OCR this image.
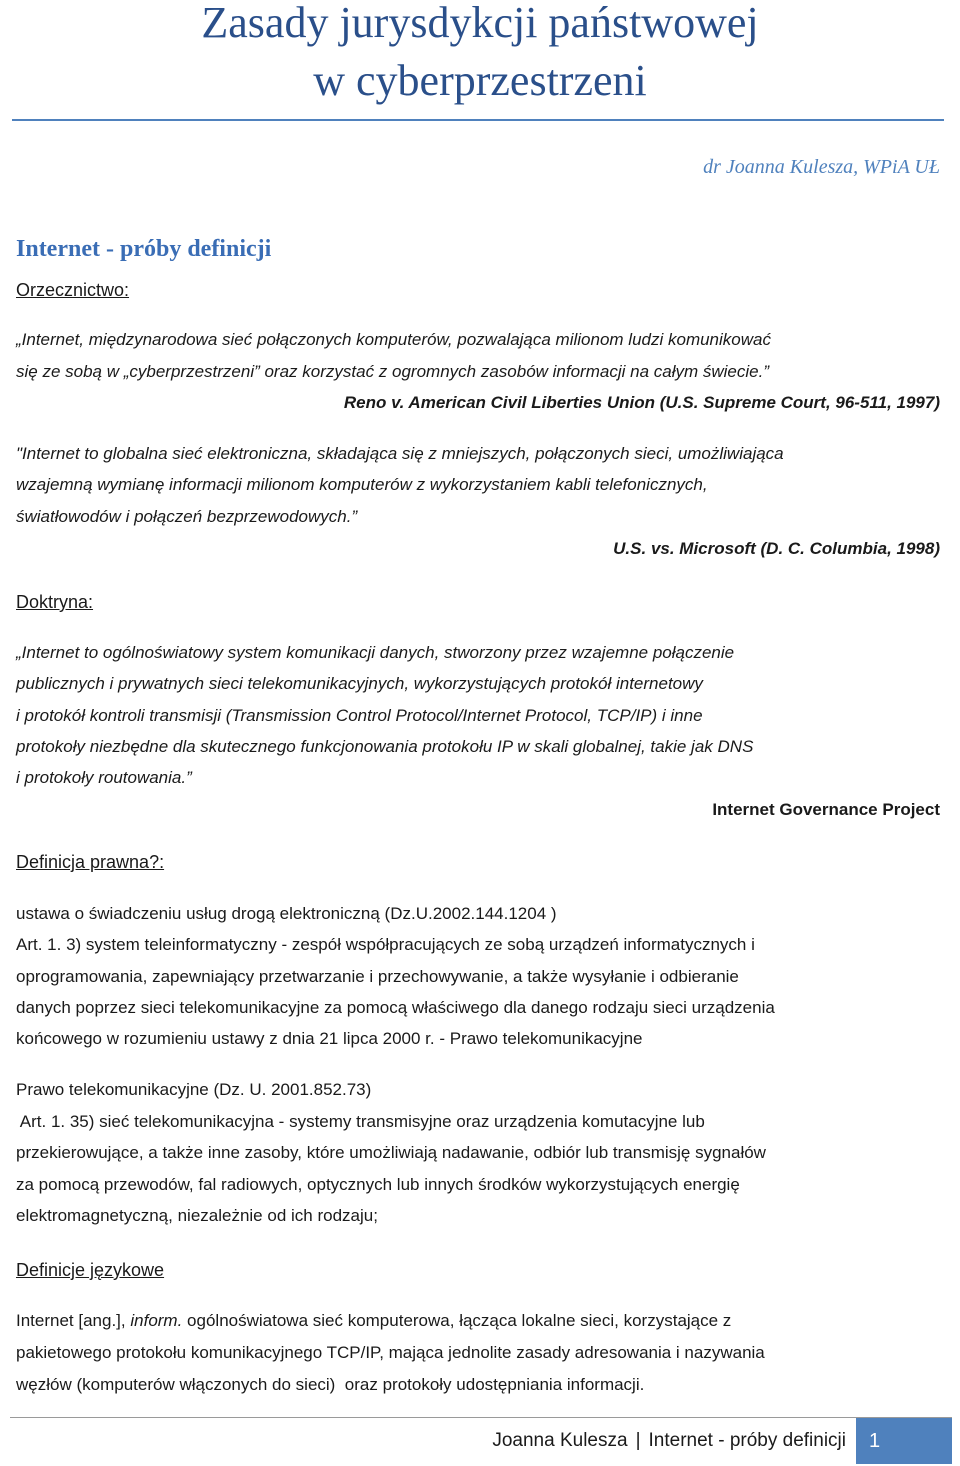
Zasady jurysdykcji państwowej
w cyberprzestrzeni
dr Joanna Kulesza, WPiA UŁ
Internet - próby definicji
Orzecznictwo:
„Internet, międzynarodowa sieć połączonych komputerów, pozwalająca milionom ludzi komunikować
się ze sobą w „cyberprzestrzeni” oraz korzystać z ogromnych zasobów informacji na całym świecie.”
Reno v. American Civil Liberties Union (U.S. Supreme Court, 96-511, 1997)
"Internet to globalna sieć elektroniczna, składająca się z mniejszych, połączonych sieci, umożliwiająca
wzajemną wymianę informacji milionom komputerów z wykorzystaniem kabli telefonicznych,
światłowodów i połączeń bezprzewodowych.”
U.S. vs. Microsoft (D. C. Columbia, 1998)
Doktryna:
„Internet to ogólnoświatowy system komunikacji danych, stworzony przez wzajemne połączenie
publicznych i prywatnych sieci telekomunikacyjnych, wykorzystujących protokół internetowy
i protokół kontroli transmisji (Transmission Control Protocol/Internet Protocol, TCP/IP) i inne
protokoły niezbędne dla skutecznego funkcjonowania protokołu IP w skali globalnej, takie jak DNS
i protokoły routowania.”
Internet Governance Project
Definicja prawna?:
ustawa o świadczeniu usług drogą elektroniczną (Dz.U.2002.144.1204 )
Art. 1. 3) system teleinformatyczny - zespół współpracujących ze sobą urządzeń informatycznych i
oprogramowania, zapewniający przetwarzanie i przechowywanie, a także wysyłanie i odbieranie
danych poprzez sieci telekomunikacyjne za pomocą właściwego dla danego rodzaju sieci urządzenia
końcowego w rozumieniu ustawy z dnia 21 lipca 2000 r. - Prawo telekomunikacyjne
Prawo telekomunikacyjne (Dz. U. 2001.852.73)
Art. 1. 35) sieć telekomunikacyjna - systemy transmisyjne oraz urządzenia komutacyjne lub
przekierowujące, a także inne zasoby, które umożliwiają nadawanie, odbiór lub transmisję sygnałów
za pomocą przewodów, fal radiowych, optycznych lub innych środków wykorzystujących energię
elektromagnetyczną, niezależnie od ich rodzaju;
Definicje językowe
Internet [ang.], inform. ogólnoświatowa sieć komputerowa, łącząca lokalne sieci, korzystające z
pakietowego protokołu komunikacyjnego TCP/IP, mająca jednolite zasady adresowania i nazywania
węzłów (komputerów włączonych do sieci)  oraz protokoły udostępniania informacji.
Joanna Kulesza | Internet - próby definicji	1
